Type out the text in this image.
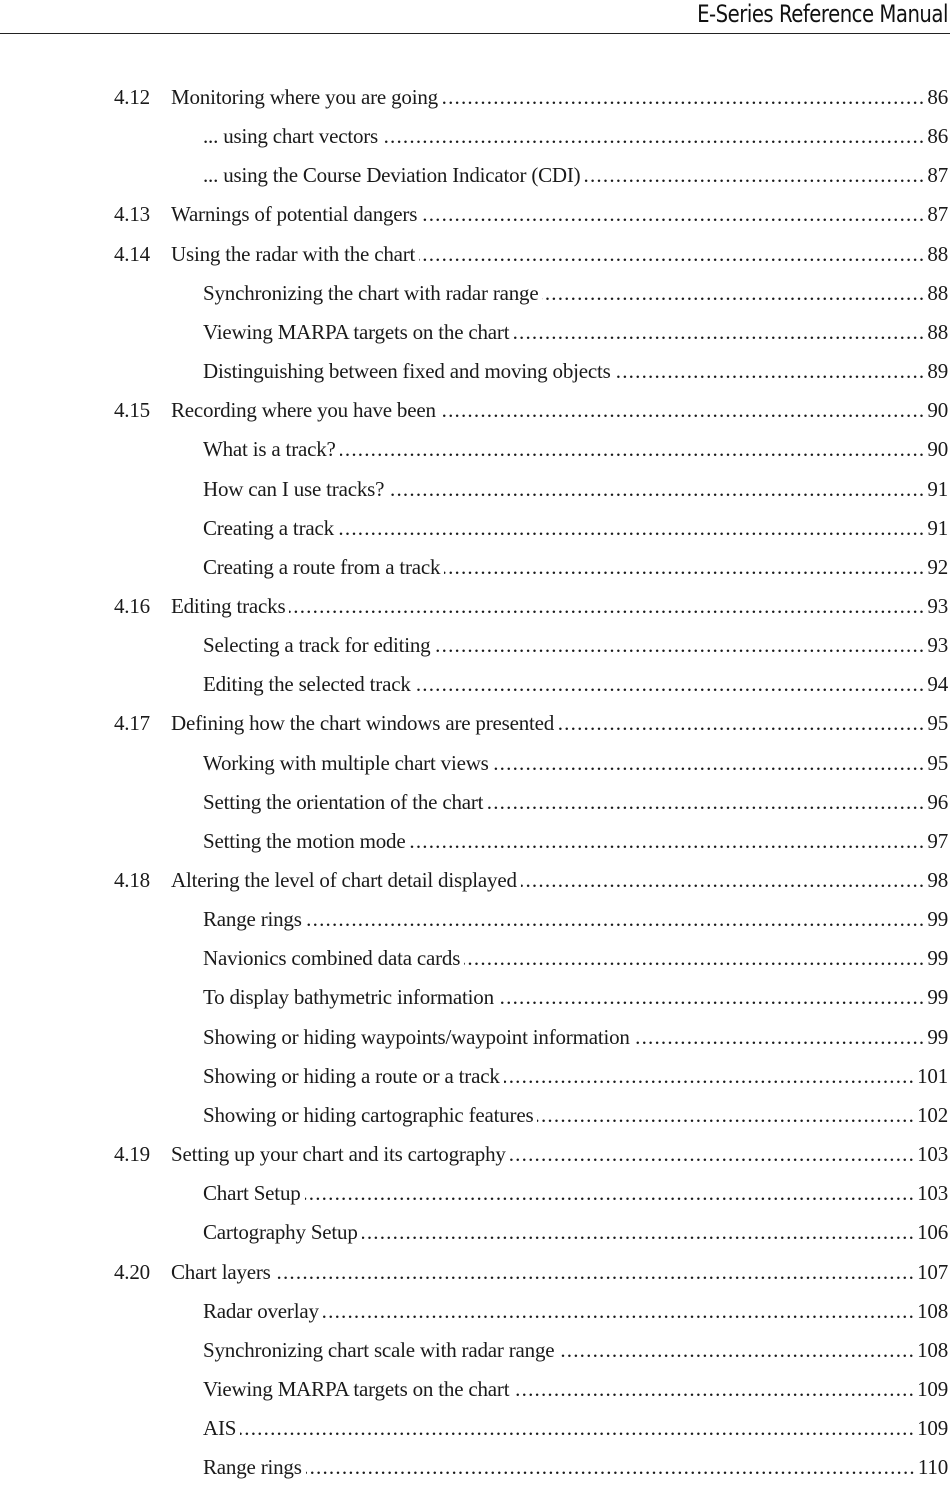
E-Series Reference Manual
4.12	Monitoring where you are going .....	86
... using chart vectors .....	86
... using the Course Deviation Indicator (CDI) .....	87
4.13	Warnings of potential dangers .....	87
4.14	Using the radar with the chart .....	88
Synchronizing the chart with radar range .....	88
Viewing MARPA targets on the chart .....	88
Distinguishing between fixed and moving objects .....	89
4.15	Recording where you have been .....	90
What is a track? .....	90
How can I use tracks? .....	91
Creating a track .....	91
Creating a route from a track .....	92
4.16	Editing tracks .....	93
Selecting a track for editing .....	93
Editing the selected track .....	94
4.17	Defining how the chart windows are presented .....	95
Working with multiple chart views .....	95
Setting the orientation of the chart .....	96
Setting the motion mode .....	97
4.18	Altering the level of chart detail displayed .....	98
Range rings .....	99
Navionics combined data cards .....	99
To display bathymetric information .....	99
Showing or hiding waypoints/waypoint information .....	99
Showing or hiding a route or a track .....	101
Showing or hiding cartographic features .....	102
4.19	Setting up your chart and its cartography .....	103
Chart Setup .....	103
Cartography Setup .....	106
4.20	Chart layers .....	107
Radar overlay .....	108
Synchronizing chart scale with radar range .....	108
Viewing MARPA targets on the chart .....	109
AIS .....	109
Range rings .....	110
